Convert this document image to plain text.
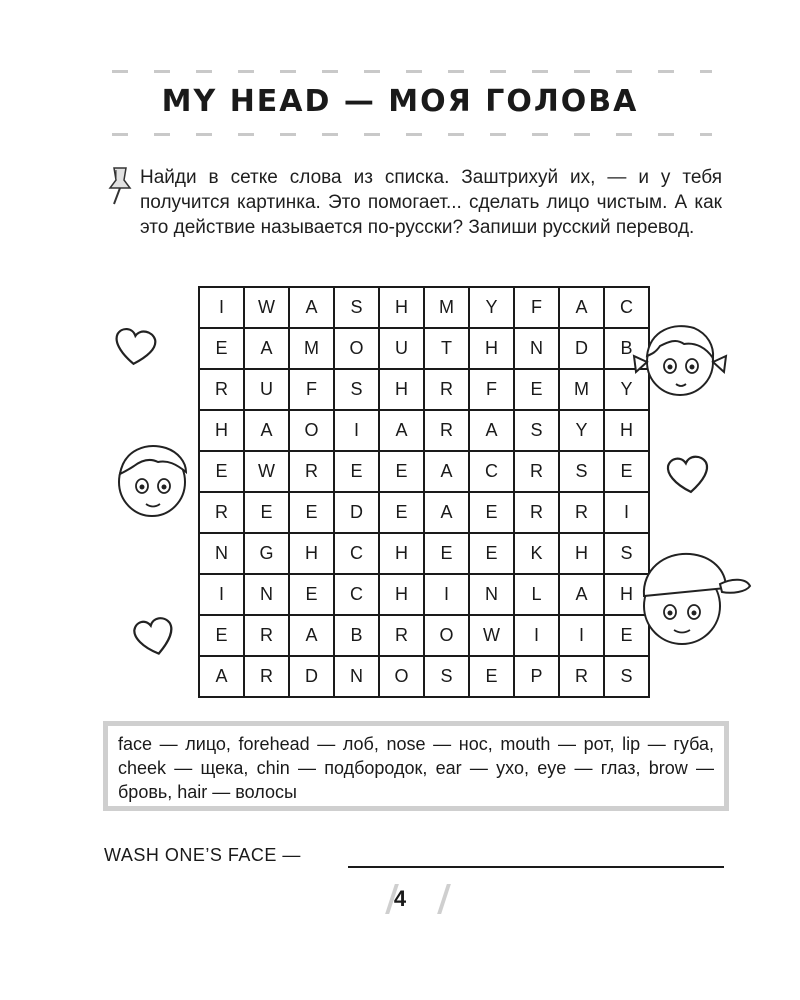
MY HEAD — МОЯ ГОЛОВА
Найди в сетке слова из списка. Заштрихуй их, — и у тебя получится картинка. Это помогает... сделать лицо чистым. А как это действие называется по-русски? Запиши русский перевод.
I	W	A	S	H	M	Y	F	A	C
E	A	M	O	U	T	H	N	D	B
R	U	F	S	H	R	F	E	M	Y
H	A	O	I	A	R	A	S	Y	H
E	W	R	E	E	A	C	R	S	E
R	E	E	D	E	A	E	R	R	I
N	G	H	C	H	E	E	K	H	S
I	N	E	C	H	I	N	L	A	H
E	R	A	B	R	O	W	I	I	E
A	R	D	N	O	S	E	P	R	S
face — лицо, forehead — лоб, nose — нос, mouth — рот, lip — губа, cheek — щека, chin — подбородок, ear — ухо, eye — глаз, brow — бровь, hair — волосы
WASH ONE’S FACE —
4
